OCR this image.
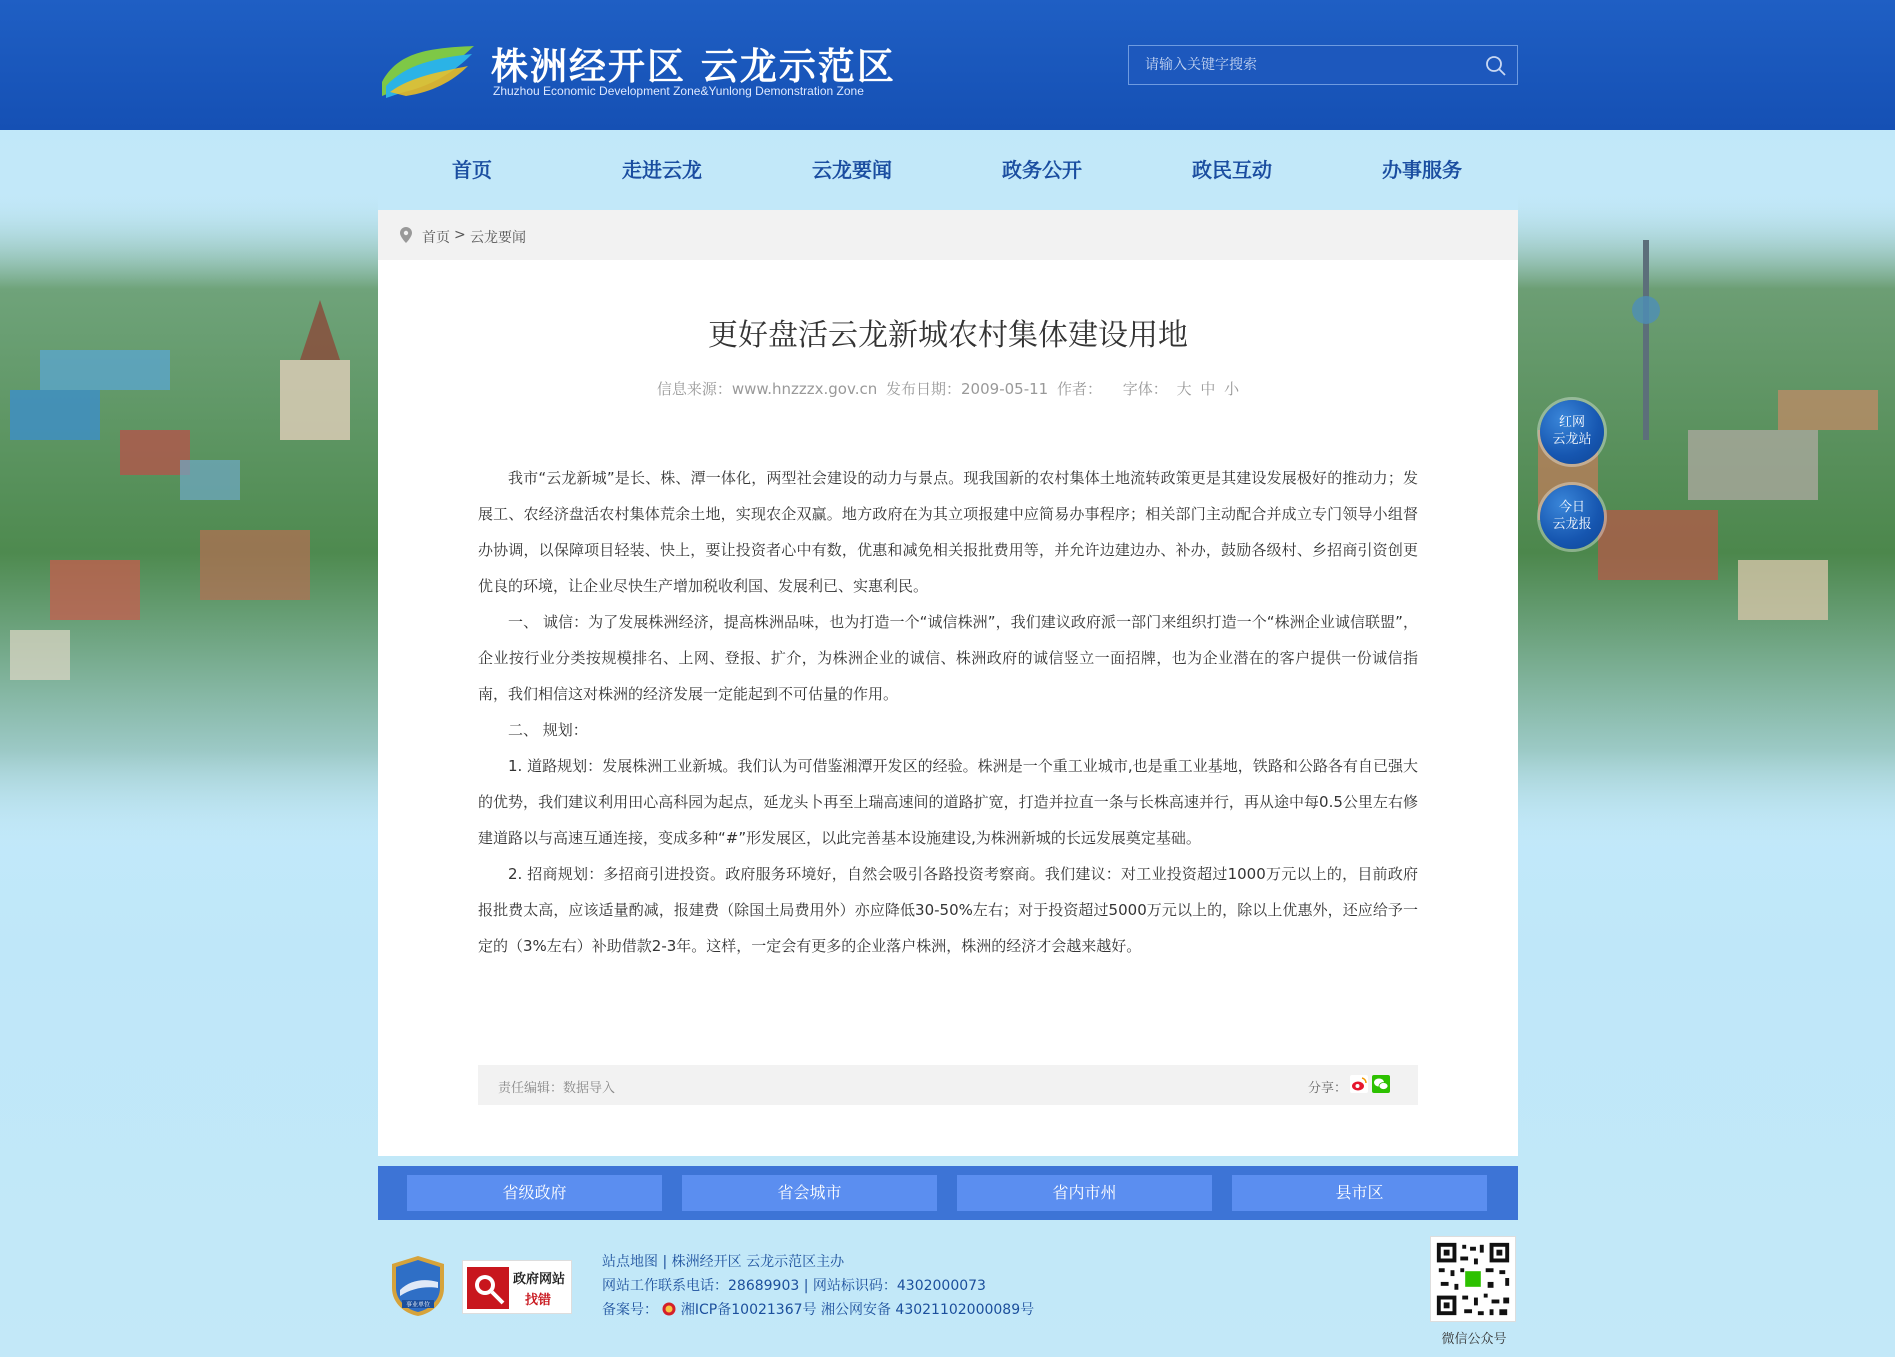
株洲经开区 云龙示范区
Zhuzhou Economic Development Zone&Yunlong Demonstration Zone
请输入关键字搜索
首页	走进云龙	云龙要闻	政务公开	政民互动	办事服务
首页 > 云龙要闻
更好盘活云龙新城农村集体建设用地
信息来源：www.hnzzzx.gov.cn 发布日期：2009-05-11 作者： 字体： 大 中 小

我市“云龙新城”是长、株、潭一体化，两型社会建设的动力与景点。现我国新的农村集体土地流转政策更是其建设发展极好的推动力；发展工、农经济盘活农村集体荒余土地，实现农企双赢。地方政府在为其立项报建中应简易办事程序；相关部门主动配合并成立专门领导小组督办协调，以保障项目轻装、快上，要让投资者心中有数，优惠和减免相关报批费用等，并允许边建边办、补办，鼓励各级村、乡招商引资创更优良的环境，让企业尽快生产增加税收利国、发展利已、实惠利民。

一、 诚信：为了发展株洲经济，提高株洲品味，也为打造一个“诚信株洲”，我们建议政府派一部门来组织打造一个“株洲企业诚信联盟”，企业按行业分类按规模排名、上网、登报、扩介，为株洲企业的诚信、株洲政府的诚信竖立一面招牌，也为企业潜在的客户提供一份诚信指南，我们相信这对株洲的经济发展一定能起到不可估量的作用。

二、 规划：

1. 道路规划：发展株洲工业新城。我们认为可借鉴湘潭开发区的经验。株洲是一个重工业城市,也是重工业基地，铁路和公路各有自已强大的优势，我们建议利用田心高科园为起点，延龙头卜再至上瑞高速间的道路扩宽，打造并拉直一条与长株高速并行，再从途中每0.5公里左右修建道路以与高速互通连接，变成多种“#”形发展区，以此完善基本设施建设,为株洲新城的长远发展奠定基础。

2. 招商规划：多招商引进投资。政府服务环境好，自然会吸引各路投资考察商。我们建议：对工业投资超过1000万元以上的，目前政府报批费太高，应该适量酌减，报建费（除国土局费用外）亦应降低30-50%左右；对于投资超过5000万元以上的，除以上优惠外，还应给予一定的（3%左右）补助借款2-3年。这样，一定会有更多的企业落户株洲，株洲的经济才会越来越好。

责任编辑：数据导入	分享：
红网
云龙站
今日
云龙报
省级政府	省会城市	省内市州	县市区
事业单位
政府网站
找错
站点地图 | 株洲经开区 云龙示范区主办
网站工作联系电话：28689903 | 网站标识码：4302000073
备案号： 湘ICP备10021367号 湘公网安备 43021102000089号
微信公众号
